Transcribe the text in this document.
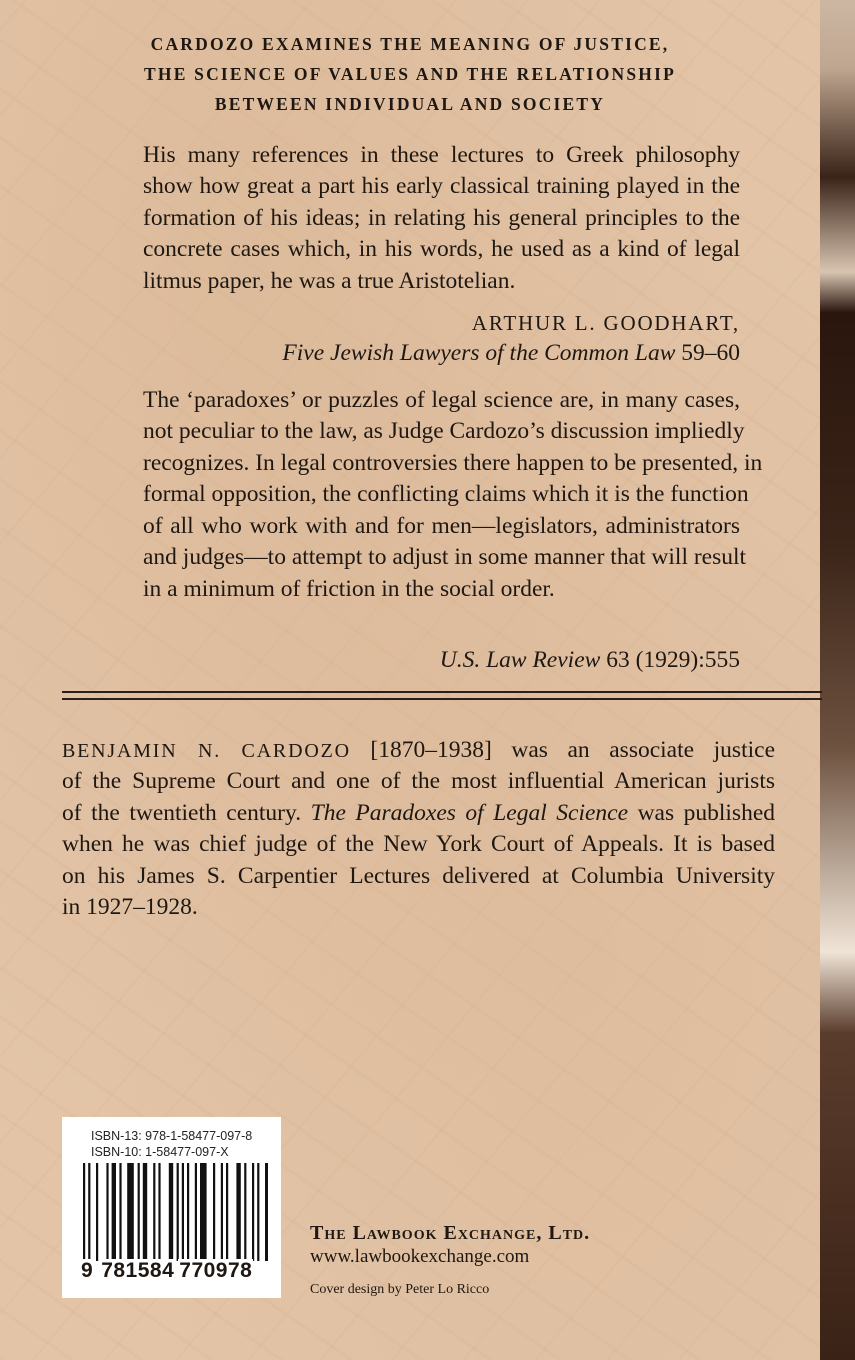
CARDOZO EXAMINES THE MEANING OF JUSTICE,
THE SCIENCE OF VALUES AND THE RELATIONSHIP
BETWEEN INDIVIDUAL AND SOCIETY
His many references in these lectures to Greek philosophy
show how great a part his early classical training played in the
formation of his ideas; in relating his general principles to the
concrete cases which, in his words, he used as a kind of legal
litmus paper, he was a true Aristotelian.
ARTHUR L. GOODHART,
Five Jewish Lawyers of the Common Law 59–60
The ‘paradoxes’ or puzzles of legal science are, in many cases,
not peculiar to the law, as Judge Cardozo’s discussion impliedly
recognizes. In legal controversies there happen to be presented, in
formal opposition, the conflicting claims which it is the function
of all who work with and for men—legislators, administrators
and judges—to attempt to adjust in some manner that will result
in a minimum of friction in the social order.
U.S. Law Review 63 (1929):555
BENJAMIN N. CARDOZO [1870–1938] was an associate justice
of the Supreme Court and one of the most influential American jurists
of the twentieth century. The Paradoxes of Legal Science was published
when he was chief judge of the New York Court of Appeals. It is based
on his James S. Carpentier Lectures delivered at Columbia University
in 1927–1928.
ISBN-13: 978-1-58477-097-8
ISBN-10: 1-58477-097-X
9 781584 770978
The Lawbook Exchange, Ltd.
www.lawbookexchange.com
Cover design by Peter Lo Ricco
